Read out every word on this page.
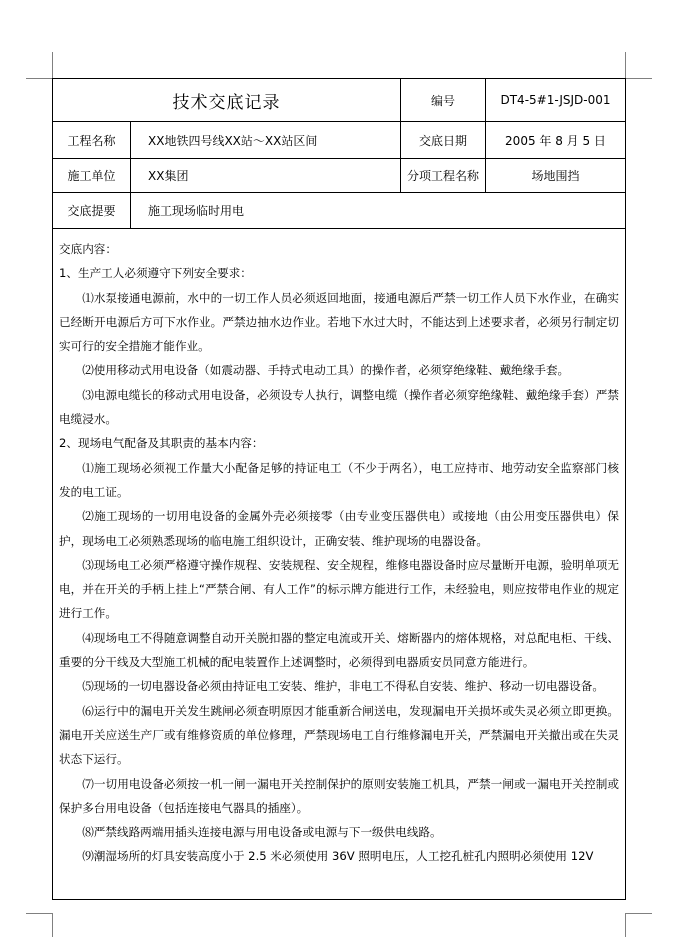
技术交底记录	编号	DT4-5#1-JSJD-001
工程名称	XX地铁四号线XX站～XX站区间	交底日期	2005 年 8 月 5 日
施工单位	XX集团	分项工程名称	场地围挡
交底提要	施工现场临时用电

交底内容：

1、生产工人必须遵守下列安全要求：

⑴水泵接通电源前，水中的一切工作人员必须返回地面，接通电源后严禁一切工作人员下水作业，在确实已经断开电源后方可下水作业。严禁边抽水边作业。若地下水过大时，不能达到上述要求者，必须另行制定切实可行的安全措施才能作业。

⑵使用移动式用电设备（如震动器、手持式电动工具）的操作者，必须穿绝缘鞋、戴绝缘手套。

⑶电源电缆长的移动式用电设备，必须设专人执行，调整电缆（操作者必须穿绝缘鞋、戴绝缘手套）严禁电缆浸水。

2、现场电气配备及其职责的基本内容：

⑴施工现场必须视工作量大小配备足够的持证电工（不少于两名），电工应持市、地劳动安全监察部门核发的电工证。

⑵施工现场的一切用电设备的金属外壳必须接零（由专业变压器供电）或接地（由公用变压器供电）保护，现场电工必须熟悉现场的临电施工组织设计，正确安装、维护现场的电器设备。

⑶现场电工必须严格遵守操作规程、安装规程、安全规程，维修电器设备时应尽量断开电源，验明单项无电，并在开关的手柄上挂上“严禁合闸、有人工作”的标示牌方能进行工作，未经验电，则应按带电作业的规定进行工作。

⑷现场电工不得随意调整自动开关脱扣器的整定电流或开关、熔断器内的熔体规格，对总配电柜、干线、重要的分干线及大型施工机械的配电装置作上述调整时，必须得到电器质安员同意方能进行。

⑸现场的一切电器设备必须由持证电工安装、维护，非电工不得私自安装、维护、移动一切电器设备。

⑹运行中的漏电开关发生跳闸必须查明原因才能重新合闸送电，发现漏电开关损坏或失灵必须立即更换。漏电开关应送生产厂或有维修资质的单位修理，严禁现场电工自行维修漏电开关，严禁漏电开关撤出或在失灵状态下运行。

⑺一切用电设备必须按一机一闸一漏电开关控制保护的原则安装施工机具，严禁一闸或一漏电开关控制或保护多台用电设备（包括连接电气器具的插座）。

⑻严禁线路两端用插头连接电源与用电设备或电源与下一级供电线路。

⑼潮湿场所的灯具安装高度小于 2.5 米必须使用 36V 照明电压，人工挖孔桩孔内照明必须使用 12V
